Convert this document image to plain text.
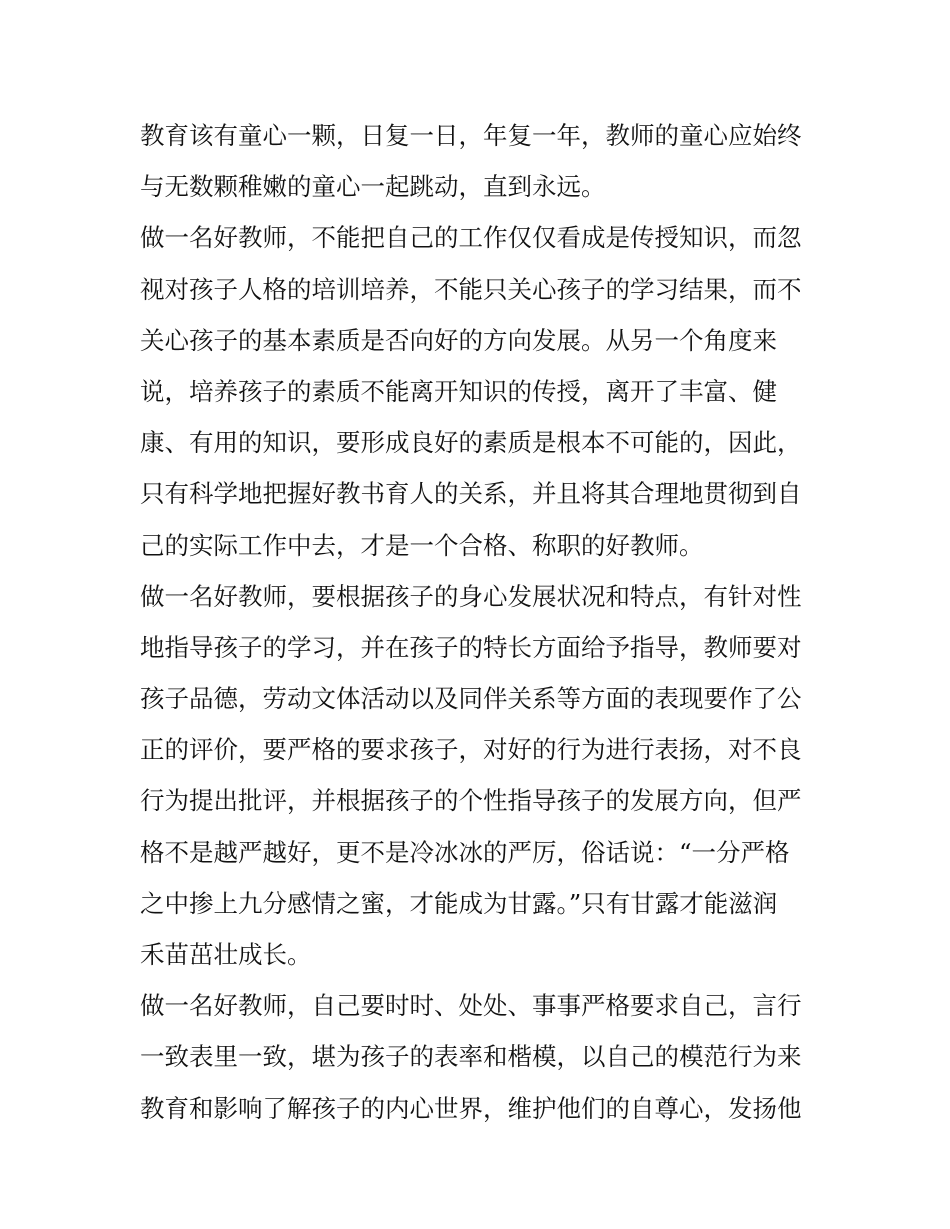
教育该有童心一颗，日复一日，年复一年，教师的童心应始终
与无数颗稚嫩的童心一起跳动，直到永远。
做一名好教师，不能把自己的工作仅仅看成是传授知识，而忽
视对孩子人格的培训培养，不能只关心孩子的学习结果，而不
关心孩子的基本素质是否向好的方向发展。从另一个角度来
说，培养孩子的素质不能离开知识的传授，离开了丰富、健
康、有用的知识，要形成良好的素质是根本不可能的，因此，
只有科学地把握好教书育人的关系，并且将其合理地贯彻到自
己的实际工作中去，才是一个合格、称职的好教师。
做一名好教师，要根据孩子的身心发展状况和特点，有针对性
地指导孩子的学习，并在孩子的特长方面给予指导，教师要对
孩子品德，劳动文体活动以及同伴关系等方面的表现要作了公
正的评价，要严格的要求孩子，对好的行为进行表扬，对不良
行为提出批评，并根据孩子的个性指导孩子的发展方向，但严
格不是越严越好，更不是冷冰冰的严厉，俗话说：“一分严格
之中掺上九分感情之蜜，才能成为甘露。”只有甘露才能滋润
禾苗茁壮成长。
做一名好教师，自己要时时、处处、事事严格要求自己，言行
一致表里一致，堪为孩子的表率和楷模，以自己的模范行为来
教育和影响了解孩子的内心世界，维护他们的自尊心，发扬他
